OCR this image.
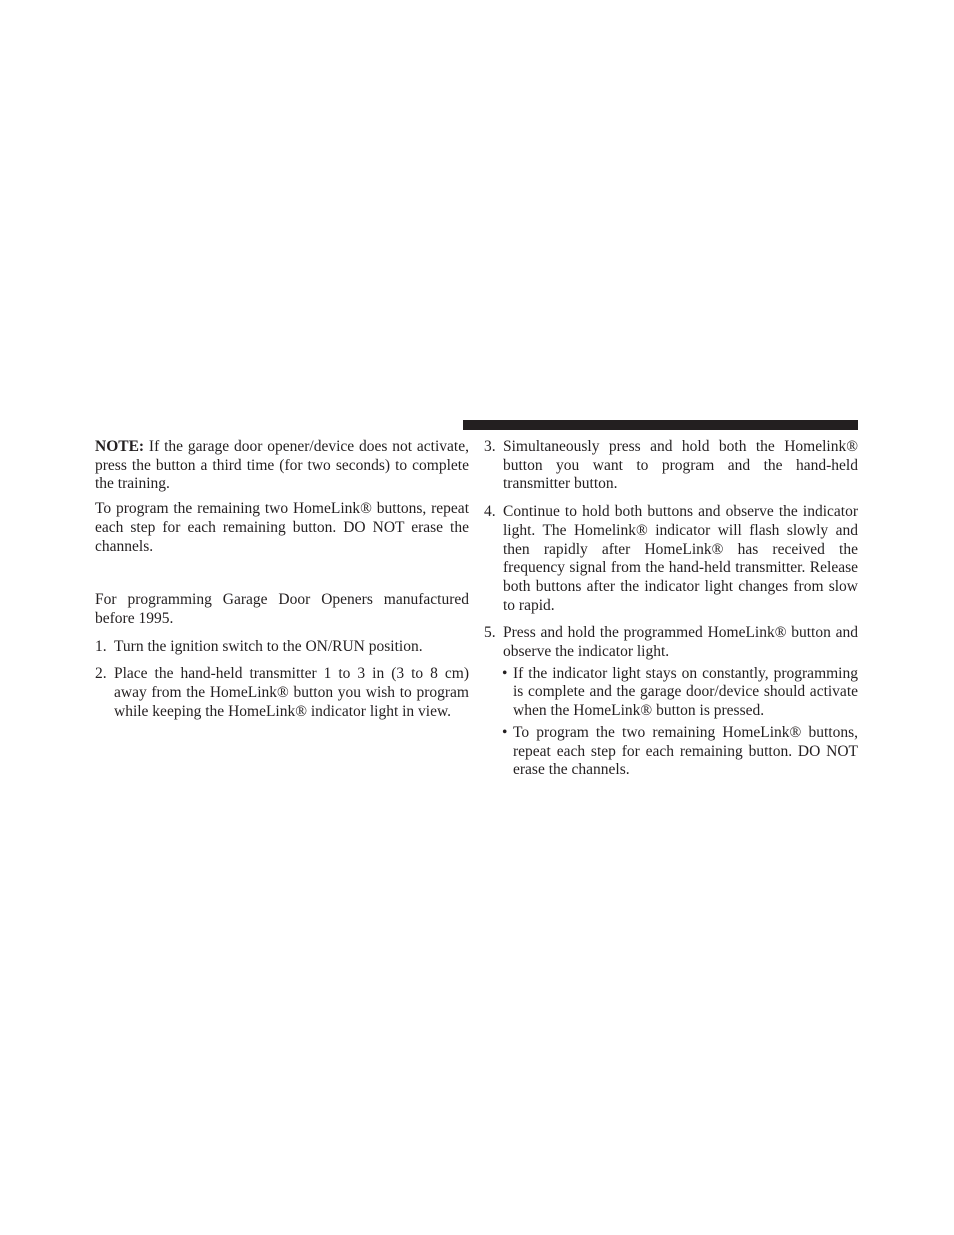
NOTE: If the garage door opener/device does not activate, press the button a third time (for two seconds) to complete the training.

To program the remaining two HomeLink® buttons, repeat each step for each remaining button. DO NOT erase the channels.

For programming Garage Door Openers manufactured before 1995.

1. Turn the ignition switch to the ON/RUN position.
2. Place the hand-held transmitter 1 to 3 in (3 to 8 cm) away from the HomeLink® button you wish to program while keeping the HomeLink® indicator light in view.
3. Simultaneously press and hold both the Homelink® button you want to program and the hand-held transmitter button.
4. Continue to hold both buttons and observe the indicator light. The Homelink® indicator will flash slowly and then rapidly after HomeLink® has received the frequency signal from the hand-held transmitter. Release both buttons after the indicator light changes from slow to rapid.
5. Press and hold the programmed HomeLink® button and observe the indicator light.
• If the indicator light stays on constantly, programming is complete and the garage door/device should activate when the HomeLink® button is pressed.
• To program the two remaining HomeLink® buttons, repeat each step for each remaining button. DO NOT erase the channels.
